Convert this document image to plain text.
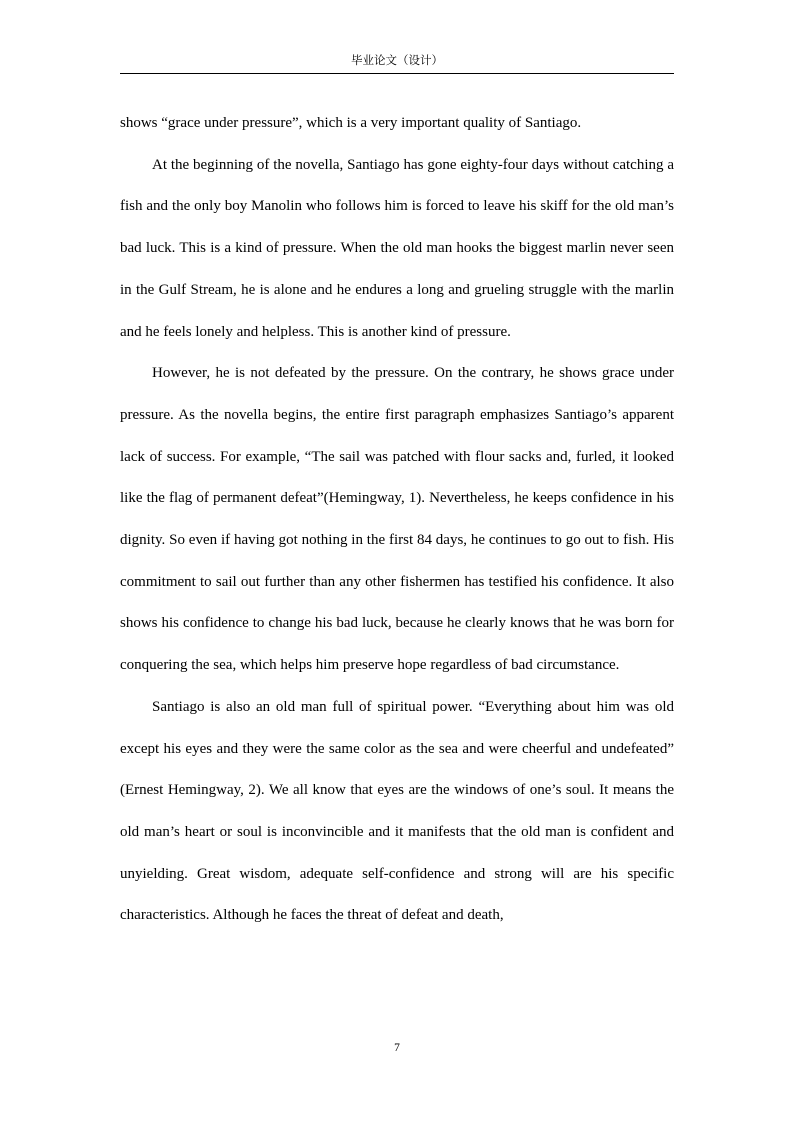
毕业论文（设计）

shows “grace under pressure”, which is a very important quality of Santiago.

At the beginning of the novella, Santiago has gone eighty-four days without catching a fish and the only boy Manolin who follows him is forced to leave his skiff for the old man’s bad luck. This is a kind of pressure. When the old man hooks the biggest marlin never seen in the Gulf Stream, he is alone and he endures a long and grueling struggle with the marlin and he feels lonely and helpless. This is another kind of pressure.

However, he is not defeated by the pressure. On the contrary, he shows grace under pressure. As the novella begins, the entire first paragraph emphasizes Santiago’s apparent lack of success. For example, “The sail was patched with flour sacks and, furled, it looked like the flag of permanent defeat”(Hemingway, 1). Nevertheless, he keeps confidence in his dignity. So even if having got nothing in the first 84 days, he continues to go out to fish. His commitment to sail out further than any other fishermen has testified his confidence. It also shows his confidence to change his bad luck, because he clearly knows that he was born for conquering the sea, which helps him preserve hope regardless of bad circumstance.

Santiago is also an old man full of spiritual power. “Everything about him was old except his eyes and they were the same color as the sea and were cheerful and undefeated” (Ernest Hemingway, 2). We all know that eyes are the windows of one’s soul. It means the old man’s heart or soul is inconvincible and it manifests that the old man is confident and unyielding. Great wisdom, adequate self-confidence and strong will are his specific characteristics. Although he faces the threat of defeat and death,

7
